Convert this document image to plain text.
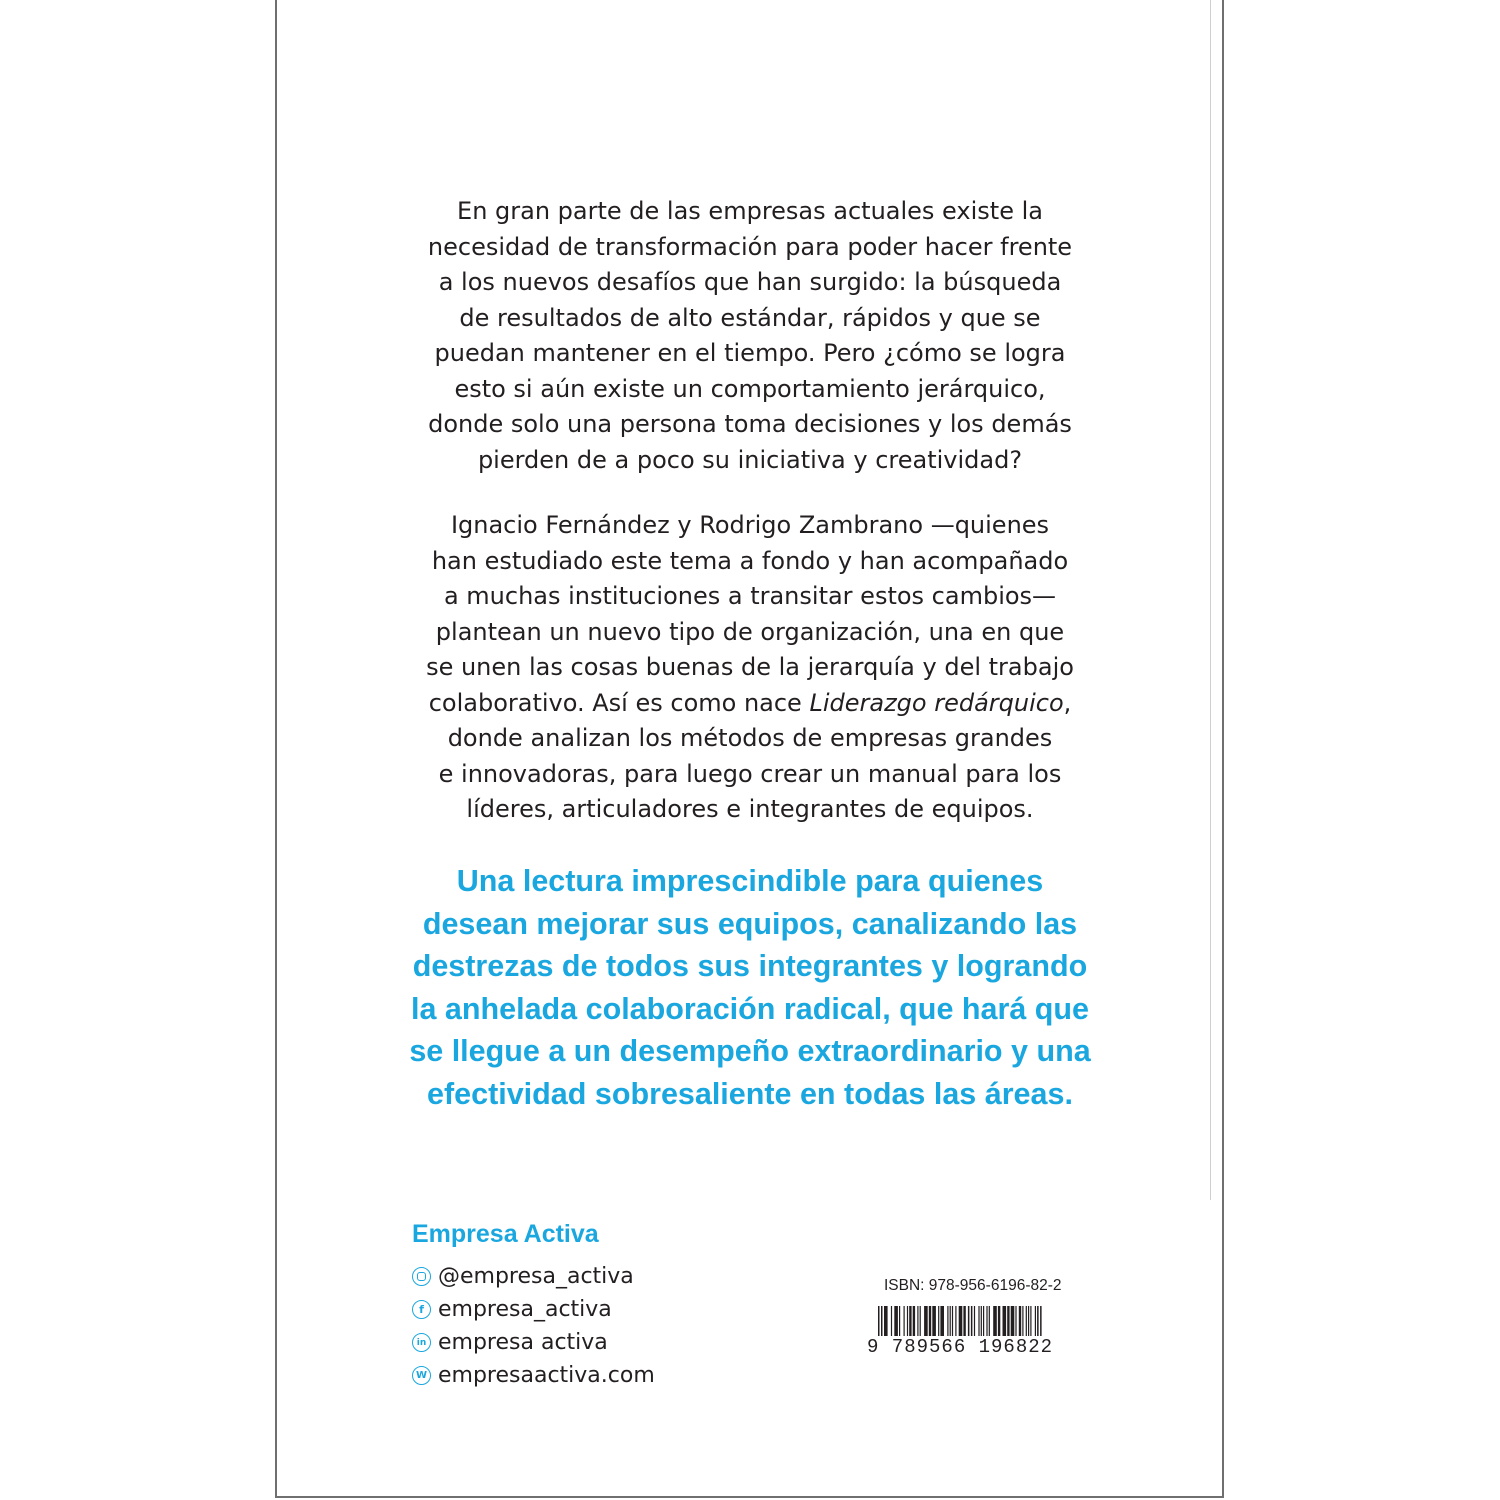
En gran parte de las empresas actuales existe la
necesidad de transformación para poder hacer frente
a los nuevos desafíos que han surgido: la búsqueda
de resultados de alto estándar, rápidos y que se
puedan mantener en el tiempo. Pero ¿cómo se logra
esto si aún existe un comportamiento jerárquico,
donde solo una persona toma decisiones y los demás
pierden de a poco su iniciativa y creatividad?
Ignacio Fernández y Rodrigo Zambrano —quienes
han estudiado este tema a fondo y han acompañado
a muchas instituciones a transitar estos cambios—
plantean un nuevo tipo de organización, una en que
se unen las cosas buenas de la jerarquía y del trabajo
colaborativo. Así es como nace Liderazgo redárquico,
donde analizan los métodos de empresas grandes
e innovadoras, para luego crear un manual para los
líderes, articuladores e integrantes de equipos.
Una lectura imprescindible para quienes
desean mejorar sus equipos, canalizando las
destrezas de todos sus integrantes y logrando
la anhelada colaboración radical, que hará que
se llegue a un desempeño extraordinario y una
efectividad sobresaliente en todas las áreas.
Empresa Activa
@empresa_activa
f empresa_activa
in empresa activa
W empresaactiva.com
ISBN: 978-956-6196-82-2
9 789566 196822
